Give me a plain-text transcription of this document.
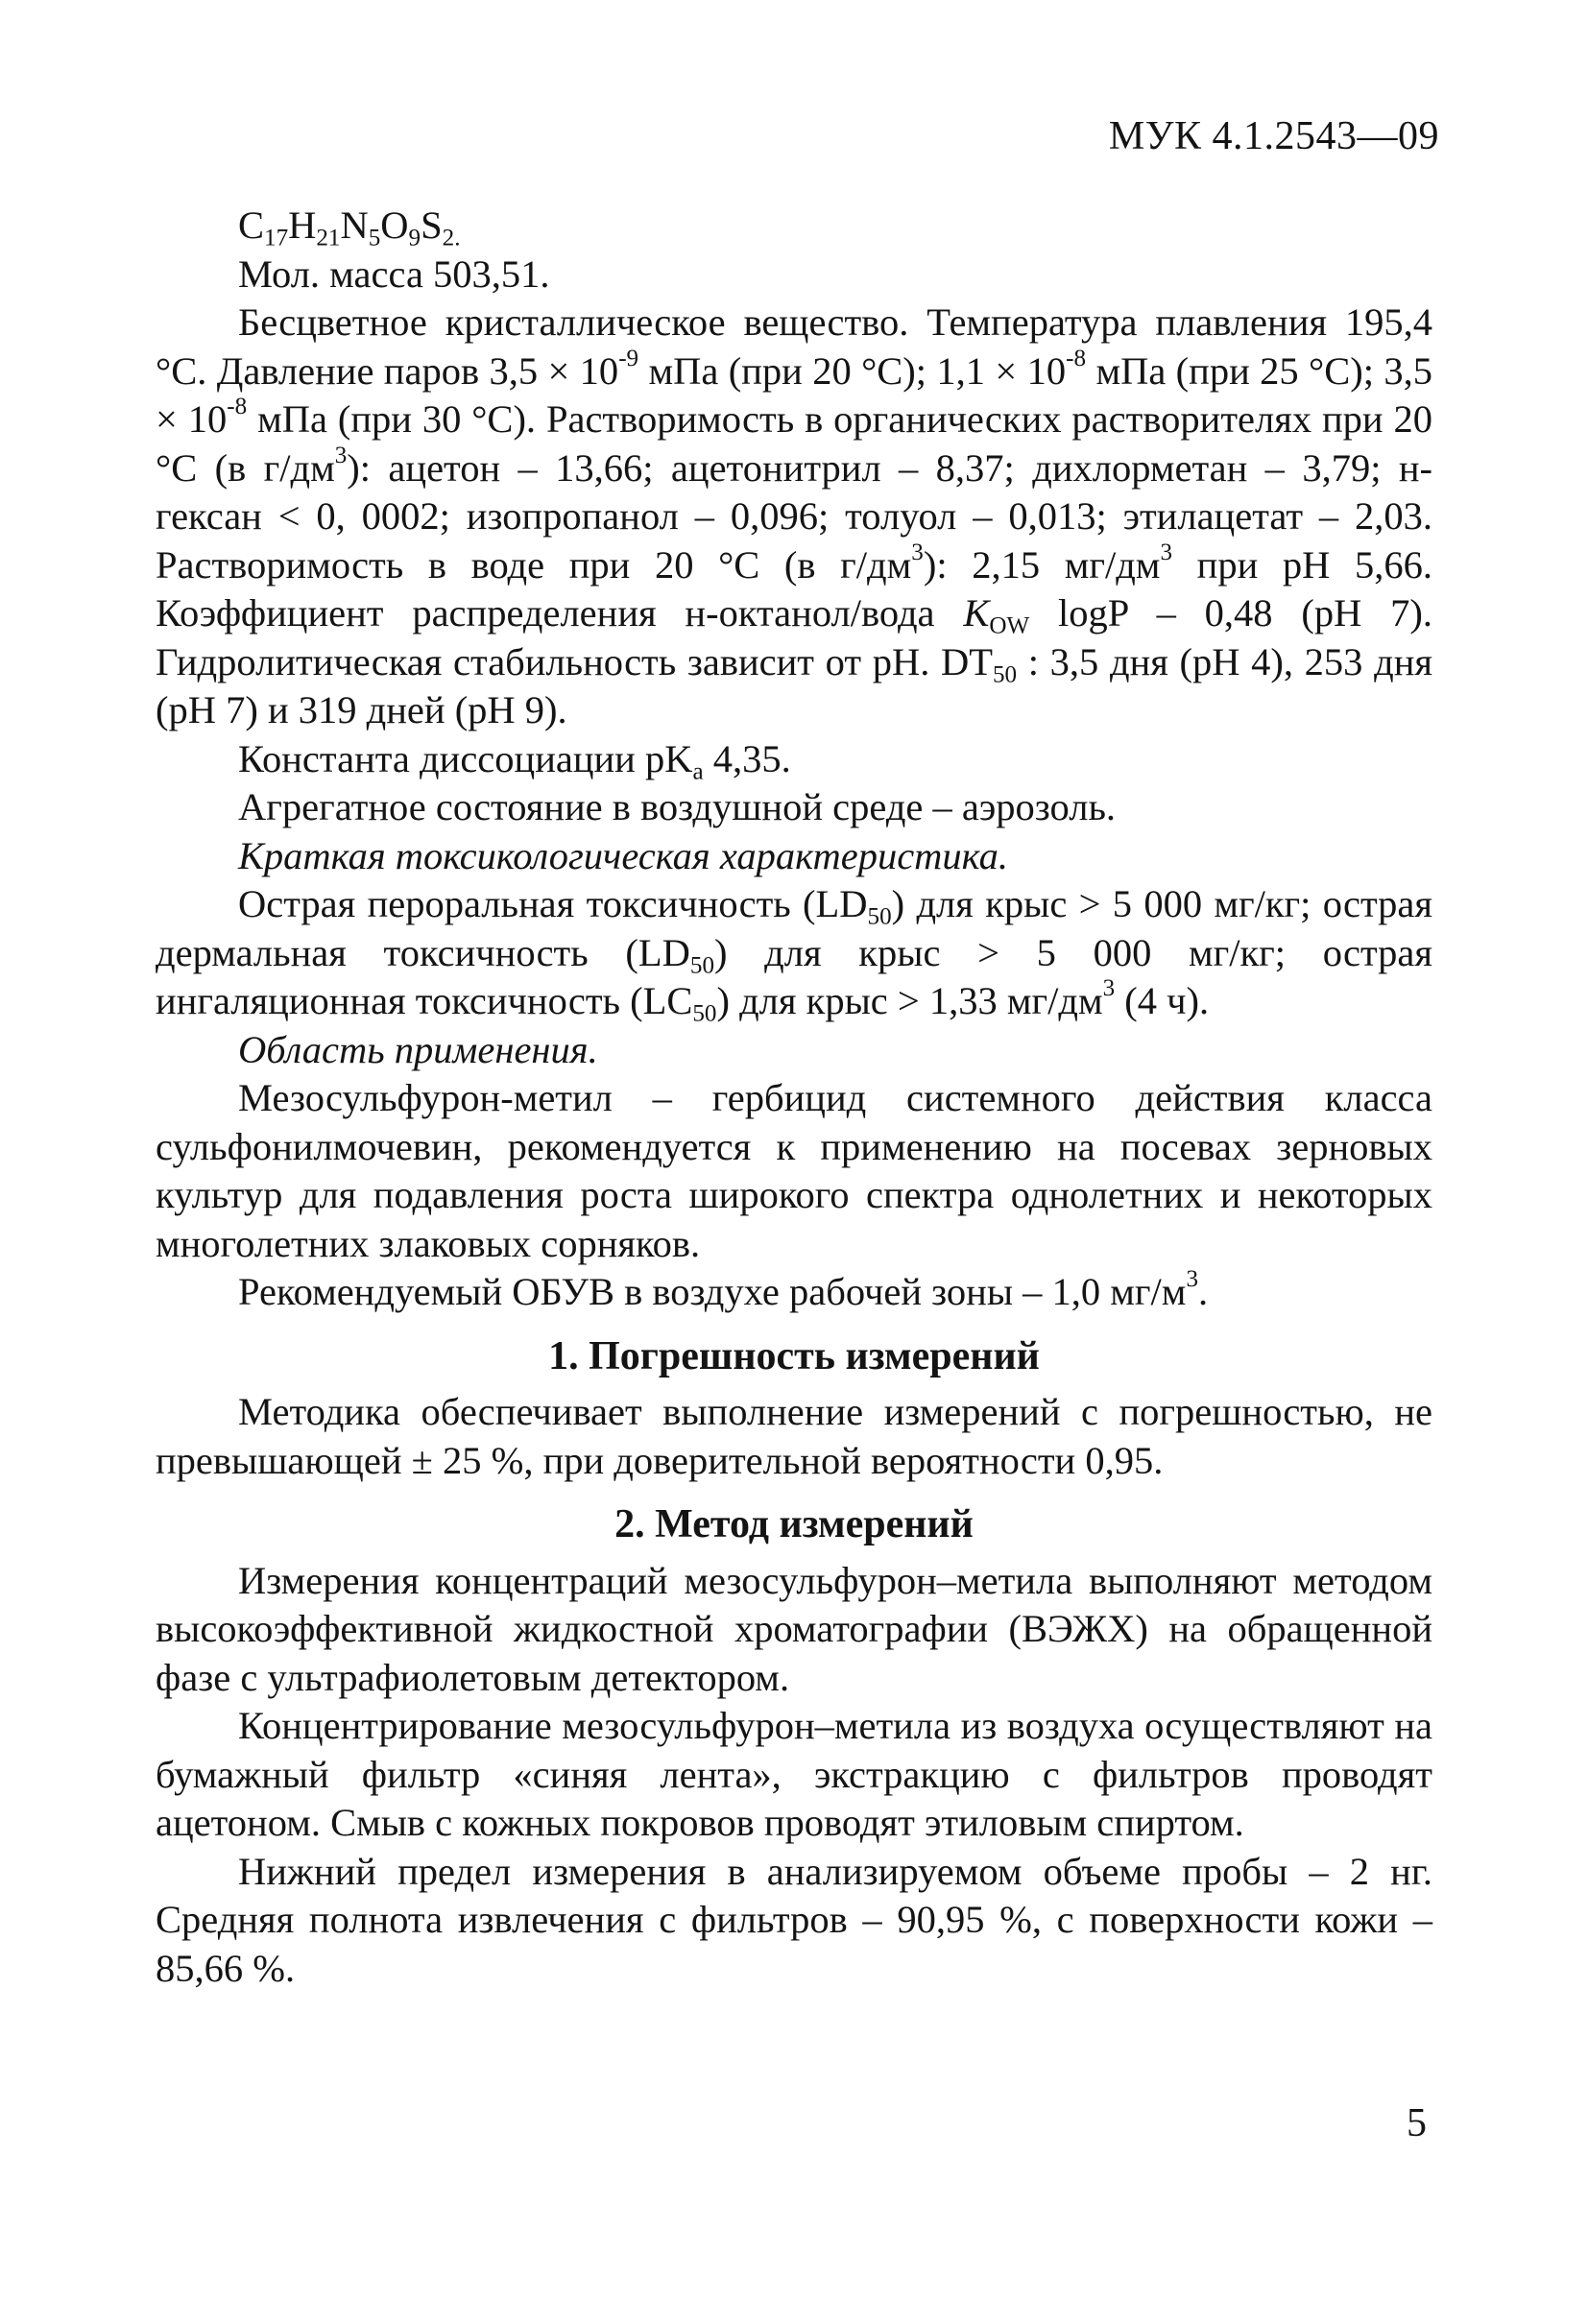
МУК 4.1.2543—09

$C_{17}H_{21}N_5O_9S_{2.}$

Мол. масса 503,51.

Бесцветное кристаллическое вещество. Температура плавления 195,4 °С. Давление паров $3,5 \times 10^{-9}$ мПа (при 20 °С); $1,1 \times 10^{-8}$ мПа (при 25 °С); $3,5 \times 10^{-8}$ мПа (при 30 °С). Растворимость в органических растворителях при 20 °С (в $г/дм^3$): ацетон – 13,66; ацетонитрил – 8,37; дихлорметан – 3,79; н-гексан < 0, 0002; изопропанол – 0,096; толуол – 0,013; этилацетат – 2,03. Растворимость в воде при 20 °С (в $г/дм^3$): 2,15 $мг/дм^3$ при рН 5,66. Коэффициент распределения н-октанол/вода $K_{OW}$ logP – 0,48 (рН 7). Гидролитическая стабильность зависит от рН. $DT_{50}$ : 3,5 дня (рН 4), 253 дня (рН 7) и 319 дней (рН 9).

Константа диссоциации $pK_a$ 4,35.

Агрегатное состояние в воздушной среде – аэрозоль.

Краткая токсикологическая характеристика.

Острая пероральная токсичность $(LD_{50})$ для крыс > 5 000 мг/кг; острая дермальная токсичность $(LD_{50})$ для крыс > 5 000 мг/кг; острая ингаляционная токсичность $(LC_{50})$ для крыс > 1,33 $мг/дм^3$ (4 ч).

Область применения.

Мезосульфурон-метил – гербицид системного действия класса сульфонилмочевин, рекомендуется к применению на посевах зерновых культур для подавления роста широкого спектра однолетних и некоторых многолетних злаковых сорняков.

Рекомендуемый ОБУВ в воздухе рабочей зоны – 1,0 $мг/м^3$.

1. Погрешность измерений

Методика обеспечивает выполнение измерений с погрешностью, не превышающей ± 25 %, при доверительной вероятности 0,95.

2. Метод измерений

Измерения концентраций мезосульфурон–метила выполняют методом высокоэффективной жидкостной хроматографии (ВЭЖХ) на обращенной фазе с ультрафиолетовым детектором.

Концентрирование мезосульфурон–метила из воздуха осуществляют на бумажный фильтр «синяя лента», экстракцию с фильтров проводят ацетоном. Смыв с кожных покровов проводят этиловым спиртом.

Нижний предел измерения в анализируемом объеме пробы – 2 нг. Средняя полнота извлечения с фильтров – 90,95 %, с поверхности кожи – 85,66 %.

5
